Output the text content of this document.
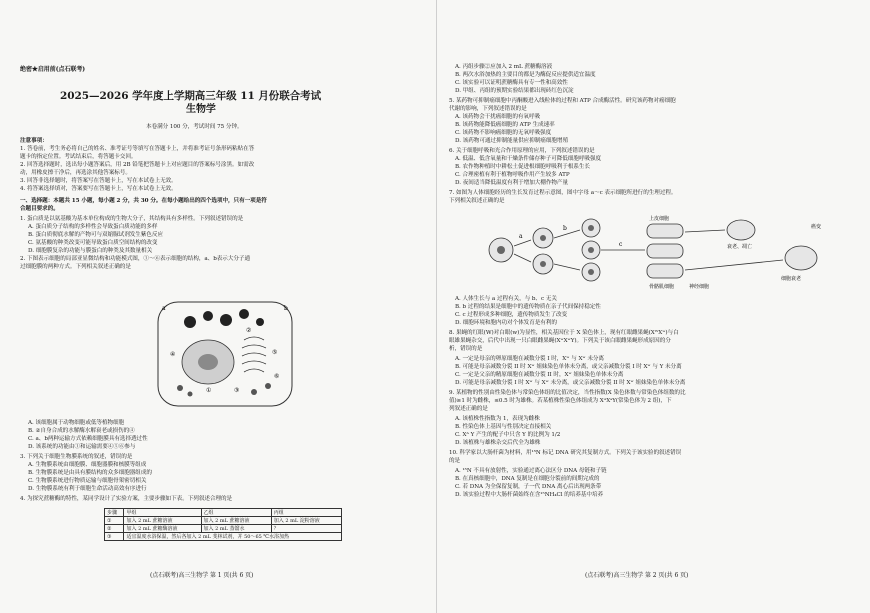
绝密★启用前(点石联考)
2025—2026 学年度上学期高三年级 11 月份联合考试
生物学
本卷满分 100 分，考试时间 75 分钟。
注意事项：
1. 答卷前，考生务必将自己的姓名、准考证号等填写在答题卡上，并将准考证号条形码粘贴在答
题卡的指定位置。考试结束后，将答题卡交回。
2. 回答选择题时，选出每小题答案后，用 2B 铅笔把答题卡上对应题目的答案标号涂黑。如需改
动，用橡皮擦干净后，再选涂其他答案标号。
3. 回答非选择题时，将答案写在答题卡上，写在本试卷上无效。
4. 将答案选择填对，答案要写在答题卡上，写在本试卷上无效。
一、选择题：本题共 15 小题，每小题 2 分，共 30 分。在每小题给出的四个选项中，只有一项是符
合题目要求的。
1. 蛋白质是以氨基酸为基本单位构成的生物大分子，其结构具有多样性。下列叙述错误的是
A. 蛋白质分子结构的多样性会导致蛋白质功能的多样
B. 蛋白质彻底水解的产物可与双缩脲试剂发生紫色反应
C. 氨基酸的种类改变可能导致蛋白质空间结构的改变
D. 细胞膜复杂的功能与膜蛋白的种类及其数量相关
2. 下图表示细胞的局部亚显微结构和功能模式图，①～⑥表示细胞的结构，a、b表示大分子通
过细胞膜的两种方式。下列相关叙述正确的是
②
④	⑤
⑥
①	③
a	b
A. 该细胞属于动物细胞或低等植物细胞
B. ②自身合成的水解酶水解衰老或损伤的④
C. a、b两种运输方式依赖细胞膜具有选择透过性
D. 该系统的功能由①和运输需要④⑤⑥参与
3. 下列关于细胞生物膜系统的叙述，错误的是
A. 生物膜系统由细胞膜、细胞器膜和核膜等组成
B. 生物膜系统是由具有膜结构的众多细胞器组成的
C. 生物膜系统进行物质运输与细胞骨架密切相关
D. 生物膜系统有利于细胞生命活动高效有序进行
4. 为探究蔗糖酶的特性，某同学设计了实验方案，主要步骤如下表。下列叙述合理的是
步骤	甲组	乙组	丙组
①	加入 2 mL 蔗糖溶液	加入 2 mL 蔗糖溶液	加入 2 mL 淀粉溶液
②	加入 2 mL 蔗糖酶溶液	加入 2 mL 蒸馏水	？
③	适宜温度水浴保温，然后各加入 2 mL 斐林试剂，并 50～65 ℃水浴加热		
(点石联考)高三生物学 第 1 页(共 6 页)
A. 丙组步骤②应加入 2 mL 蔗糖酶溶液
B. 两次水浴加热的主要目的都是为酶促反应提供适宜温度
C. 该实验可以证明蔗糖酶具有专一性和高效性
D. 甲组、丙组的预期实验结果都出现砖红色沉淀
5. 某药物可抑制癌细胞中丙酮酸进入线粒体的过程和 ATP 合成酶活性。研究该药物对癌细胞
代谢的影响，下列叙述错误的是
A. 该药物会干扰癌细胞的有氧呼吸
B. 该药物能降低癌细胞的 ATP 生成速率
C. 该药物不影响癌细胞的无氧呼吸强度
D. 该药物可通过抑制能量供应抑制癌细胞增殖
6. 关于细胞呼吸和光合作用原理的应用，下列叙述错误的是
A. 低温、低含氧量和干燥条件储存种子可降低细胞呼吸强度
B. 农作物种植时中耕松土促进根细胞呼吸利于根系生长
C. 合理密植有利于植物呼吸作用产生较多 ATP
D. 夜间适当降低温度有利于增加大棚作物产量
7. 如图为人体细胞经历的生长发育过程示意图，图中字母 a～c 表示细胞所进行的生理过程。
下列相关叙述正确的是
a
b
c
上皮细胞
骨骼肌细胞	神经细胞
衰老、凋亡
细胞衰老
癌变
A. 人体生长与 a 过程有关，与 b、c 无关
B. b 过程的结果是细胞中的遗传物质在亲子代间保持稳定性
C. c 过程形成多种细胞，遗传物质发生了改变
D. 细胞环境和胞内功对个体发育是有利的
8. 果蝇的红眼(W)对白眼(w)为显性，相关基因位于 X 染色体上，现有红眼雌果蝇(XᵂXʷ)与白
眼雄果蝇杂交，后代中出现一只白眼雌果蝇(XʷXʷY)。下列关于该白眼雌果蝇形成原因的分
析，错误的是
A. 一定是母亲的卵原细胞在减数分裂 I 时，Xʷ 与 Xʷ 未分离
B. 可能是母亲减数分裂 II 时 Xʷ 姐妹染色单体未分离，或父亲减数分裂 I 时 Xʷ 与 Y 未分离
C. 一定是父亲的精原细胞在减数分裂 II 时，Xʷ 姐妹染色单体未分离
D. 可能是母亲减数分裂 I 时 Xʷ 与 Xʷ 未分离，或父亲减数分裂 II 时 Xʷ 姐妹染色单体未分离
9. 某植物的性别由性染色体与常染色体组的比值决定，当性指数(X 染色体数与常染色体组数的比
值)≥1 时为雌株，≤0.5 时为雄株。若某植株性染色体组成为 XᴬXᵃY(常染色体为 2 组)，下
列叙述正确的是
A. 该植株性指数为 1，表现为雌株
B. 性染色体上基因与性别决定直接相关
C. Xᴬ Y 产生的配子中只含 Y 的比例为 1/2
D. 该植株与雄株杂交后代全为雄株
10. 科学家以大肠杆菌为材料，用¹⁵N 标记 DNA 研究其复制方式。下列关于该实验的叙述错误
的是
A. ¹⁵N 不具有放射性，实验通过离心法区分 DNA 母链和子链
B. 在真核细胞中，DNA 复制是在细胞分裂前的间期完成的
C. 若 DNA 为全保留复制，子一代 DNA 离心后出现两条带
D. 该实验过程中大肠杆菌始终在含¹⁵NH₄Cl 的培养基中培养
(点石联考)高三生物学 第 2 页(共 6 页)
